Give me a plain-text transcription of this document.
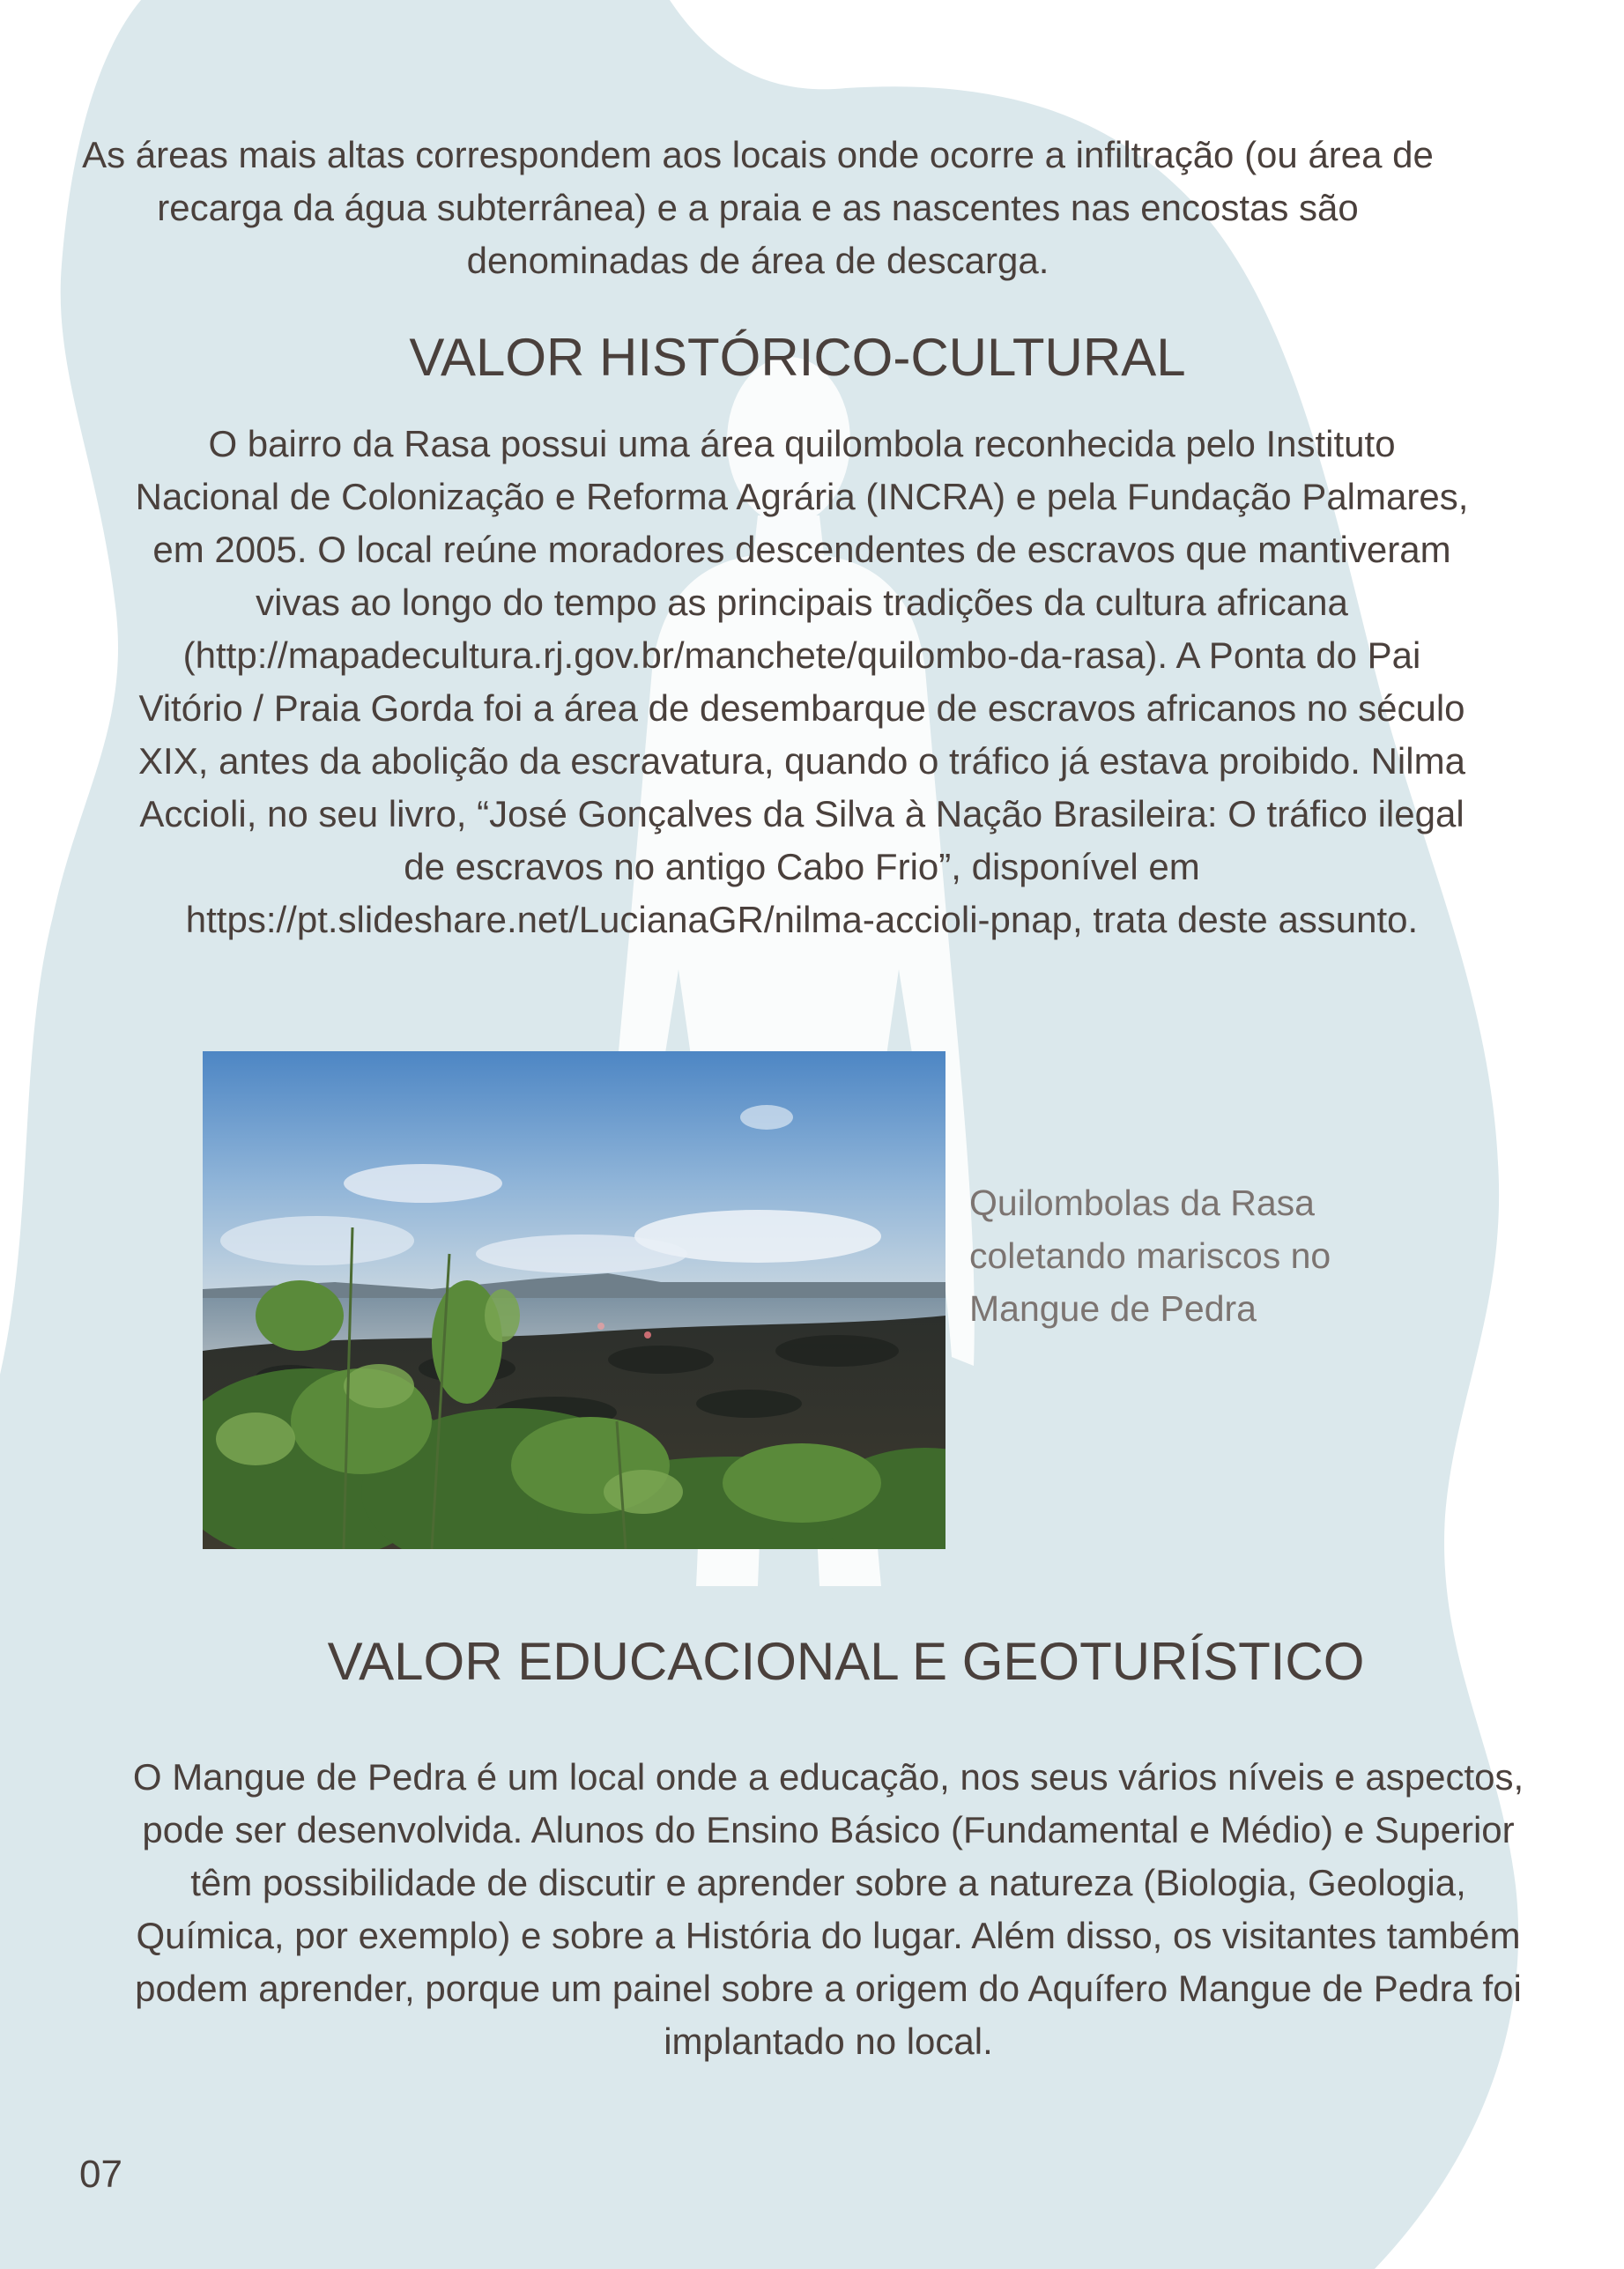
As áreas mais altas correspondem aos locais onde ocorre a infiltração (ou área de recarga da água subterrânea) e a praia e as nascentes nas encostas são denominadas de área de descarga.

VALOR HISTÓRICO-CULTURAL

O bairro da Rasa possui uma área quilombola reconhecida pelo Instituto Nacional de Colonização e Reforma Agrária (INCRA) e pela Fundação Palmares, em 2005. O local reúne moradores descendentes de escravos que mantiveram vivas ao longo do tempo as principais tradições da cultura africana (http://mapadecultura.rj.gov.br/manchete/quilombo-da-rasa). A Ponta do Pai Vitório / Praia Gorda foi a área de desembarque de escravos africanos no século XIX, antes da abolição da escravatura, quando o tráfico já estava proibido. Nilma Accioli, no seu livro, “José Gonçalves da Silva à Nação Brasileira: O tráfico ilegal de escravos no antigo Cabo Frio”, disponível em https://pt.slideshare.net/LucianaGR/nilma-accioli-pnap, trata deste assunto.

Quilombolas da Rasa coletando mariscos no Mangue de Pedra

VALOR EDUCACIONAL E GEOTURÍSTICO

O Mangue de Pedra é um local onde a educação, nos seus vários níveis e aspectos, pode ser desenvolvida. Alunos do Ensino Básico (Fundamental e Médio) e Superior têm possibilidade de discutir e aprender sobre a natureza (Biologia, Geologia, Química, por exemplo) e sobre a História do lugar. Além disso, os visitantes também podem aprender, porque um painel sobre a origem do Aquífero Mangue de Pedra foi implantado no local.

07
